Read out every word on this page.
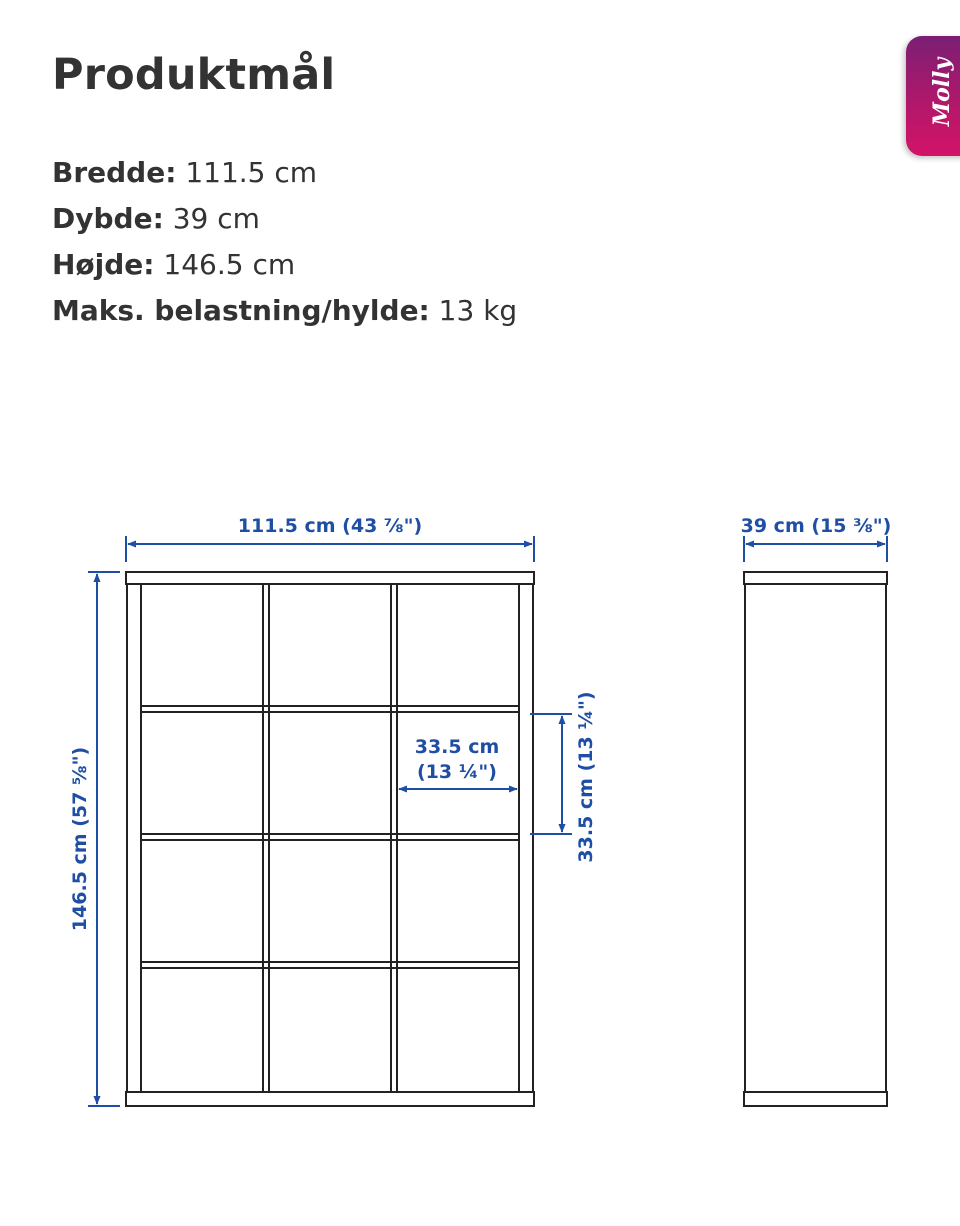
Produktmål
Bredde: 111.5 cm
Dybde: 39 cm
Højde: 146.5 cm
Maks. belastning/hylde: 13 kg
Molly
111.5 cm (43 ⅞")
146.5 cm (57 ⅝")	33.5 cm
(13 ¼")	33.5 cm (13 ¼")
39 cm (15 ⅜")
